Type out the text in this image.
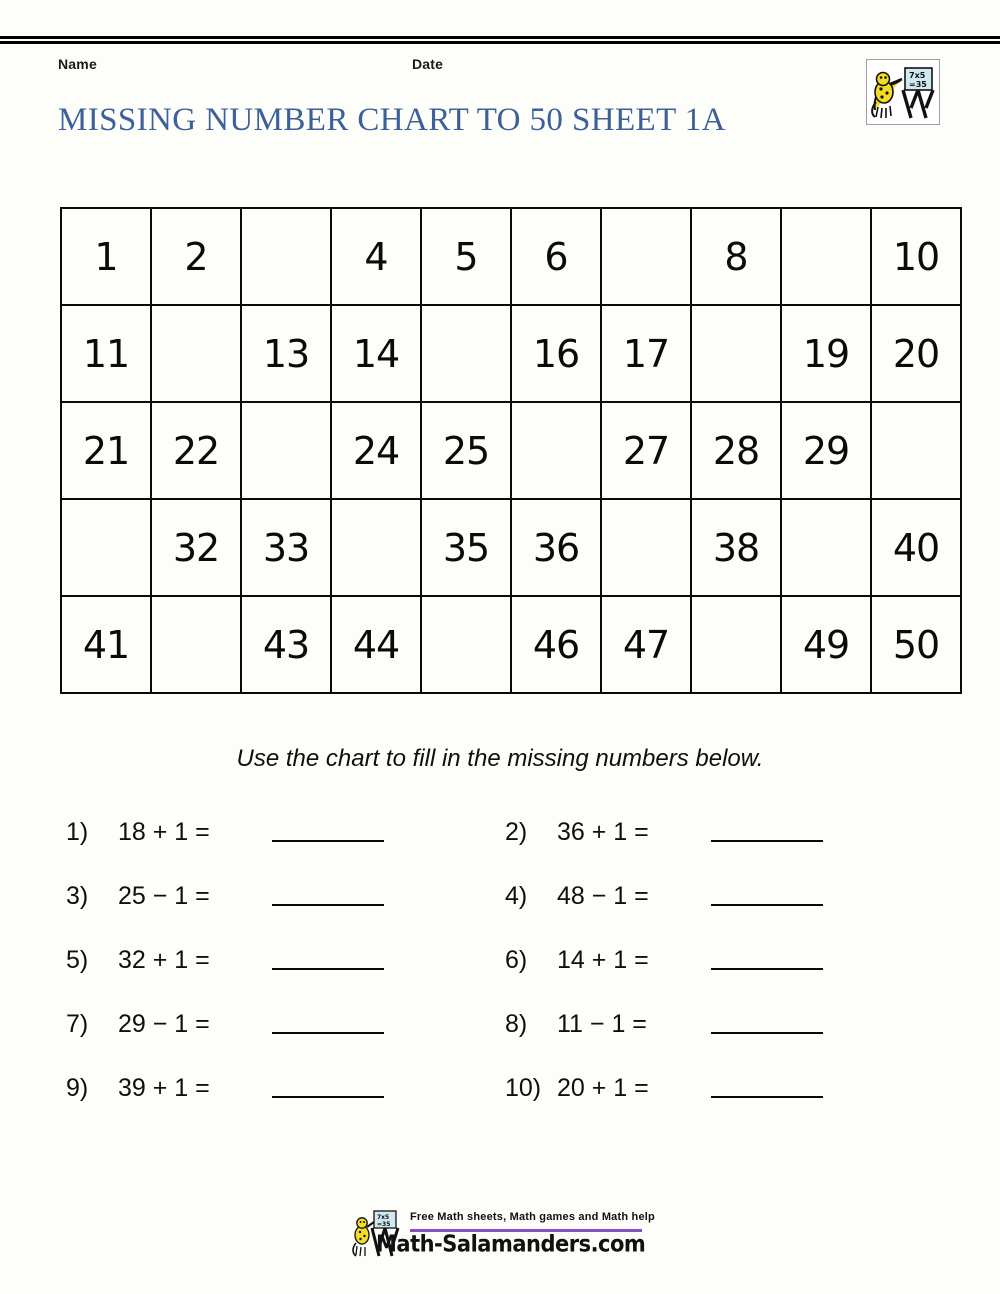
Name	Date
MISSING NUMBER CHART TO 50 SHEET 1A
7x5
=35
1	2		4	5	6		8		10
11		13	14		16	17		19	20
21	22		24	25		27	28	29	
	32	33		35	36		38		40
41		43	44		46	47		49	50
Use the chart to fill in the missing numbers below.
1)	18 + 1 =	2)	36 + 1 =
3)	25 − 1 =	4)	48 − 1 =
5)	32 + 1 =	6)	14 + 1 =
7)	29 − 1 =	8)	11 − 1 =
9)	39 + 1 =	10) 20 + 1 =
7x5
=35
Free Math sheets, Math games and Math help
Math-Salamanders.com
